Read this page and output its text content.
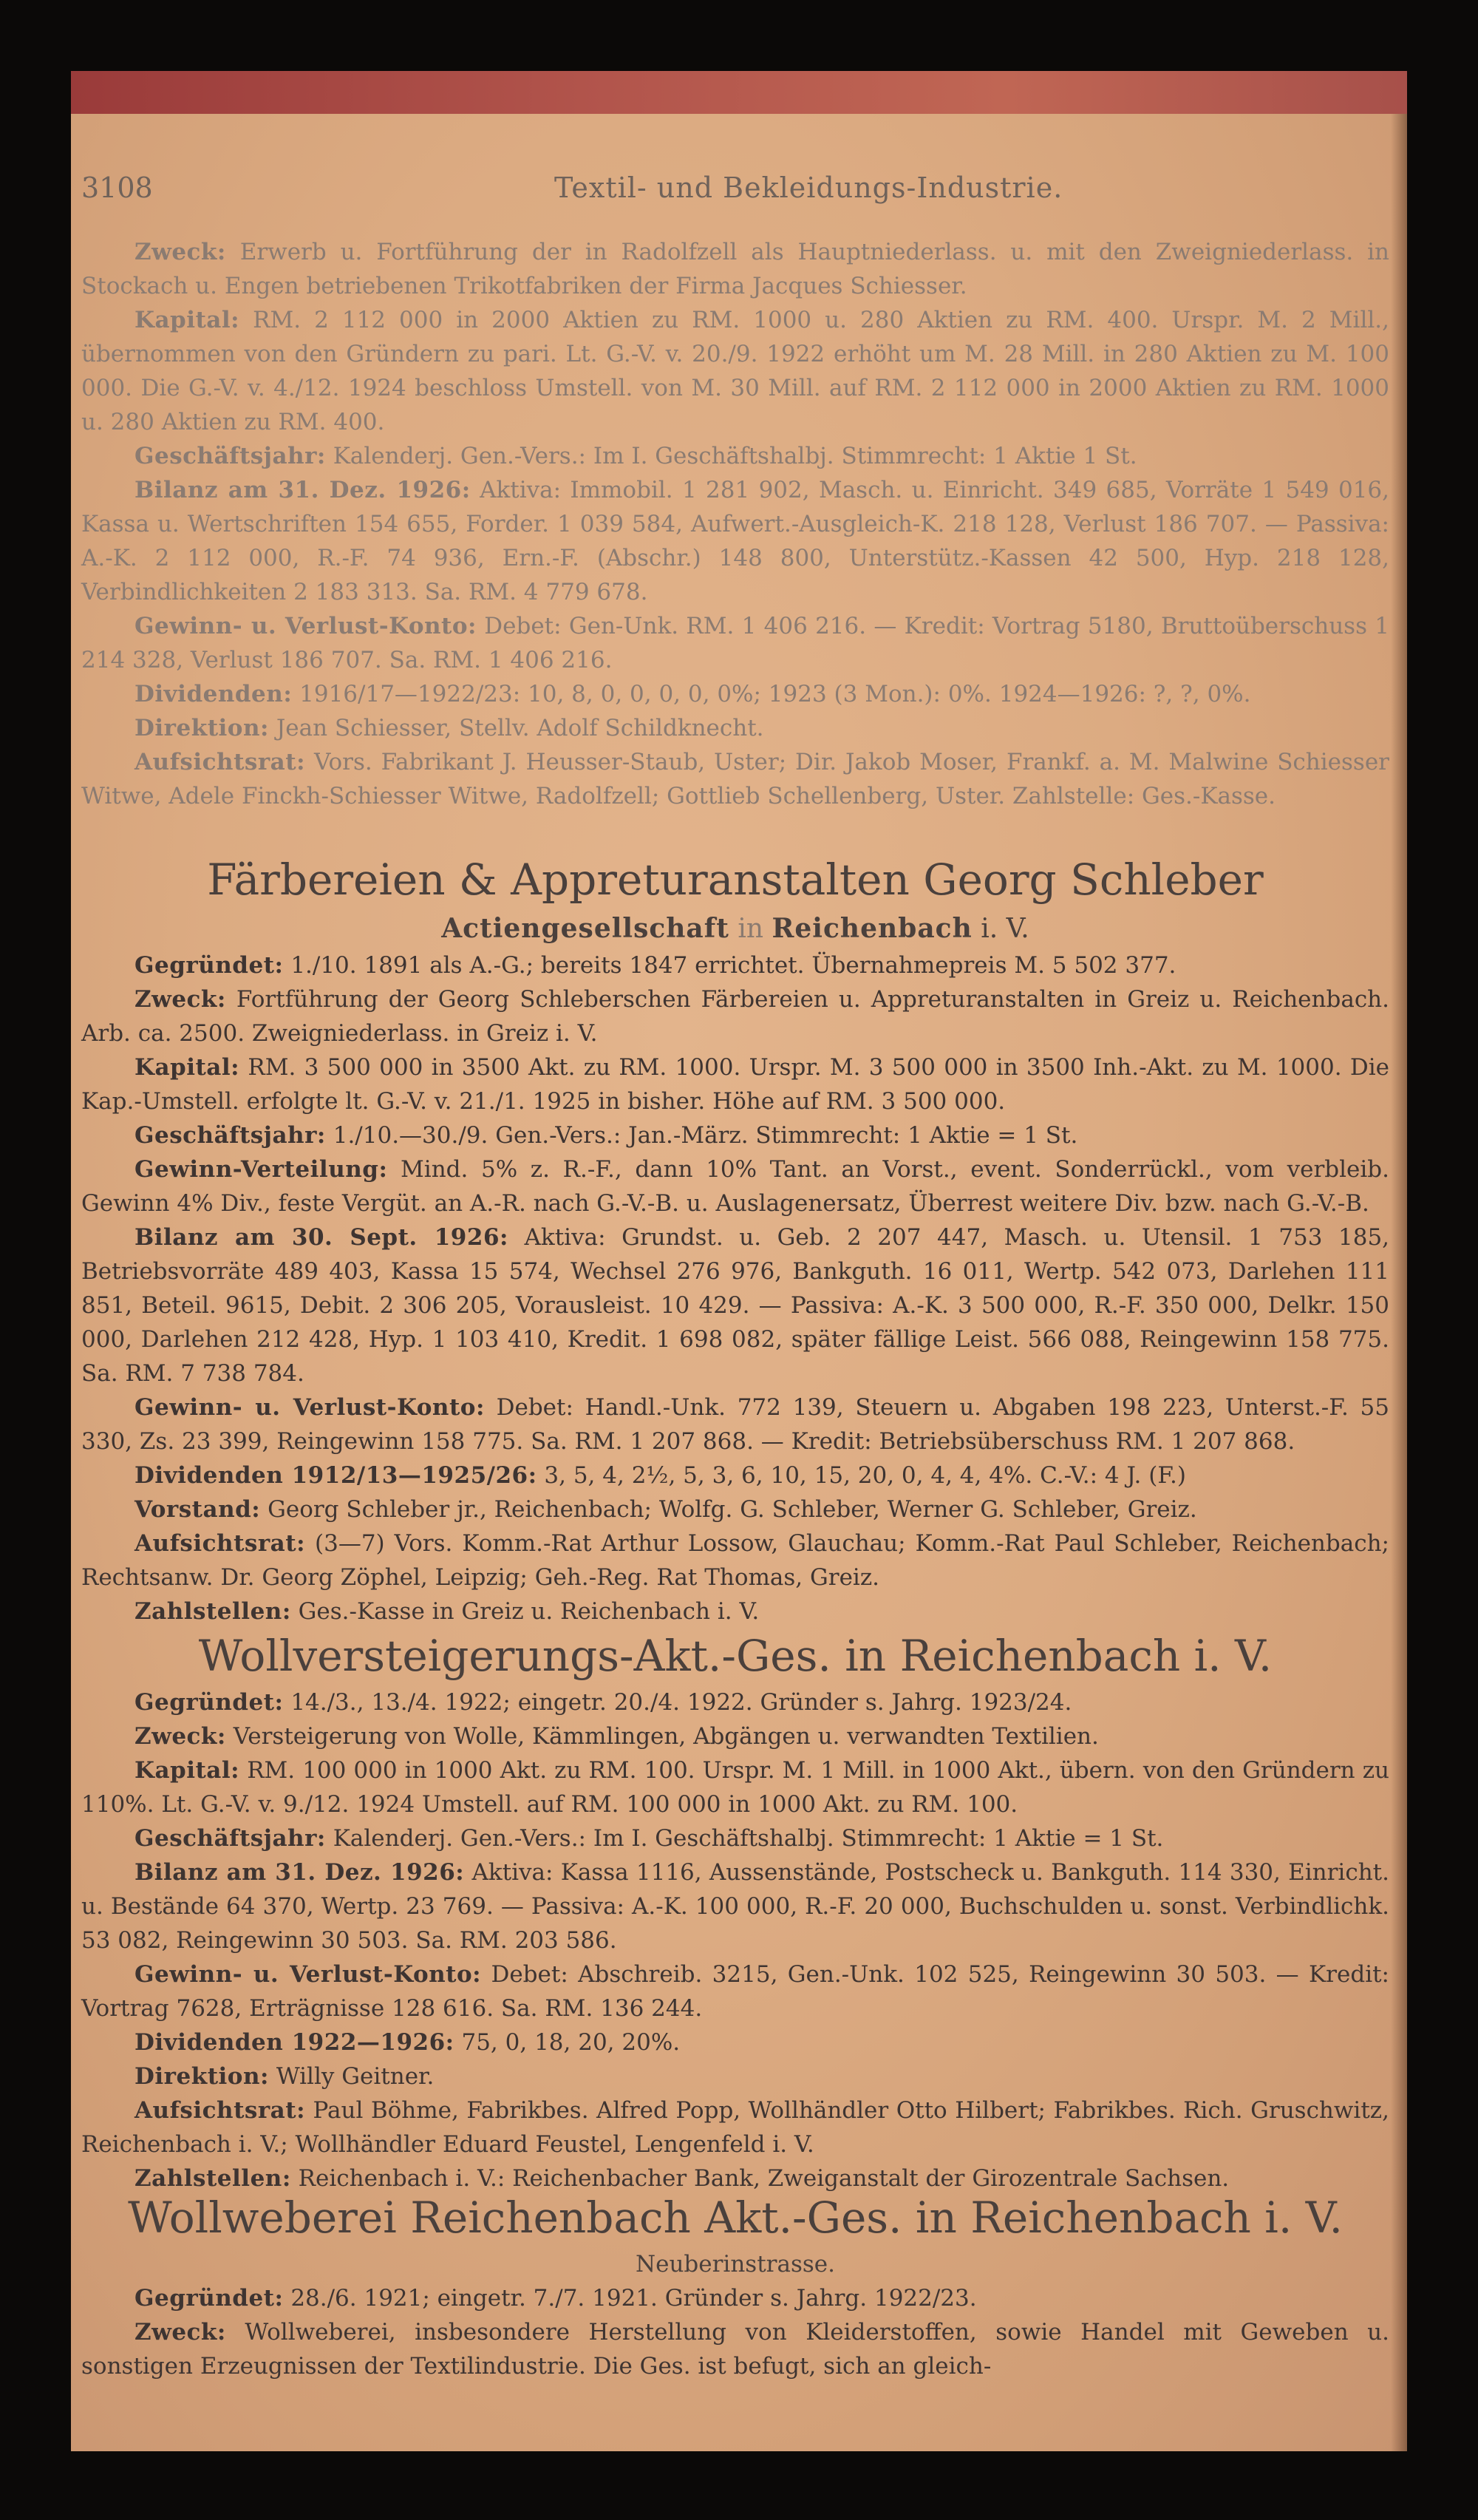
3108	Textil- und Bekleidungs-Industrie.

Zweck: Erwerb u. Fortführung der in Radolfzell als Hauptniederlass. u. mit den Zweigniederlass. in Stockach u. Engen betriebenen Trikotfabriken der Firma Jacques Schiesser.

Kapital: RM. 2 112 000 in 2000 Aktien zu RM. 1000 u. 280 Aktien zu RM. 400. Urspr. M. 2 Mill., übernommen von den Gründern zu pari. Lt. G.-V. v. 20./9. 1922 erhöht um M. 28 Mill. in 280 Aktien zu M. 100 000. Die G.-V. v. 4./12. 1924 beschloss Umstell. von M. 30 Mill. auf RM. 2 112 000 in 2000 Aktien zu RM. 1000 u. 280 Aktien zu RM. 400.

Geschäftsjahr: Kalenderj. Gen.-Vers.: Im I. Geschäftshalbj. Stimmrecht: 1 Aktie 1 St.

Bilanz am 31. Dez. 1926: Aktiva: Immobil. 1 281 902, Masch. u. Einricht. 349 685, Vorräte 1 549 016, Kassa u. Wertschriften 154 655, Forder. 1 039 584, Aufwert.-Ausgleich-K. 218 128, Verlust 186 707. — Passiva: A.-K. 2 112 000, R.-F. 74 936, Ern.-F. (Abschr.) 148 800, Unterstütz.-Kassen 42 500, Hyp. 218 128, Verbindlichkeiten 2 183 313. Sa. RM. 4 779 678.

Gewinn- u. Verlust-Konto: Debet: Gen-Unk. RM. 1 406 216. — Kredit: Vortrag 5180, Bruttoüberschuss 1 214 328, Verlust 186 707. Sa. RM. 1 406 216.

Dividenden: 1916/17—1922/23: 10, 8, 0, 0, 0, 0, 0%; 1923 (3 Mon.): 0%. 1924—1926: ?, ?, 0%.

Direktion: Jean Schiesser, Stellv. Adolf Schildknecht.

Aufsichtsrat: Vors. Fabrikant J. Heusser-Staub, Uster; Dir. Jakob Moser, Frankf. a. M. Malwine Schiesser Witwe, Adele Finckh-Schiesser Witwe, Radolfzell; Gottlieb Schellenberg, Uster. Zahlstelle: Ges.-Kasse.

Färbereien & Appreturanstalten Georg Schleber
Actiengesellschaft in Reichenbach i. V.

Gegründet: 1./10. 1891 als A.-G.; bereits 1847 errichtet. Übernahmepreis M. 5 502 377.

Zweck: Fortführung der Georg Schleberschen Färbereien u. Appreturanstalten in Greiz u. Reichenbach. Arb. ca. 2500. Zweigniederlass. in Greiz i. V.

Kapital: RM. 3 500 000 in 3500 Akt. zu RM. 1000. Urspr. M. 3 500 000 in 3500 Inh.-Akt. zu M. 1000. Die Kap.-Umstell. erfolgte lt. G.-V. v. 21./1. 1925 in bisher. Höhe auf RM. 3 500 000.

Geschäftsjahr: 1./10.—30./9. Gen.-Vers.: Jan.-März. Stimmrecht: 1 Aktie = 1 St.

Gewinn-Verteilung: Mind. 5% z. R.-F., dann 10% Tant. an Vorst., event. Sonderrückl., vom verbleib. Gewinn 4% Div., feste Vergüt. an A.-R. nach G.-V.-B. u. Auslagenersatz, Überrest weitere Div. bzw. nach G.-V.-B.

Bilanz am 30. Sept. 1926: Aktiva: Grundst. u. Geb. 2 207 447, Masch. u. Utensil. 1 753 185, Betriebsvorräte 489 403, Kassa 15 574, Wechsel 276 976, Bankguth. 16 011, Wertp. 542 073, Darlehen 111 851, Beteil. 9615, Debit. 2 306 205, Vorausleist. 10 429. — Passiva: A.-K. 3 500 000, R.-F. 350 000, Delkr. 150 000, Darlehen 212 428, Hyp. 1 103 410, Kredit. 1 698 082, später fällige Leist. 566 088, Reingewinn 158 775. Sa. RM. 7 738 784.

Gewinn- u. Verlust-Konto: Debet: Handl.-Unk. 772 139, Steuern u. Abgaben 198 223, Unterst.-F. 55 330, Zs. 23 399, Reingewinn 158 775. Sa. RM. 1 207 868. — Kredit: Betriebsüberschuss RM. 1 207 868.

Dividenden 1912/13—1925/26: 3, 5, 4, 2½, 5, 3, 6, 10, 15, 20, 0, 4, 4, 4%. C.-V.: 4 J. (F.)

Vorstand: Georg Schleber jr., Reichenbach; Wolfg. G. Schleber, Werner G. Schleber, Greiz.

Aufsichtsrat: (3—7) Vors. Komm.-Rat Arthur Lossow, Glauchau; Komm.-Rat Paul Schleber, Reichenbach; Rechtsanw. Dr. Georg Zöphel, Leipzig; Geh.-Reg. Rat Thomas, Greiz.

Zahlstellen: Ges.-Kasse in Greiz u. Reichenbach i. V.

Wollversteigerungs-Akt.-Ges. in Reichenbach i. V.

Gegründet: 14./3., 13./4. 1922; eingetr. 20./4. 1922. Gründer s. Jahrg. 1923/24.

Zweck: Versteigerung von Wolle, Kämmlingen, Abgängen u. verwandten Textilien.

Kapital: RM. 100 000 in 1000 Akt. zu RM. 100. Urspr. M. 1 Mill. in 1000 Akt., übern. von den Gründern zu 110%. Lt. G.-V. v. 9./12. 1924 Umstell. auf RM. 100 000 in 1000 Akt. zu RM. 100.

Geschäftsjahr: Kalenderj. Gen.-Vers.: Im I. Geschäftshalbj. Stimmrecht: 1 Aktie = 1 St.

Bilanz am 31. Dez. 1926: Aktiva: Kassa 1116, Aussenstände, Postscheck u. Bankguth. 114 330, Einricht. u. Bestände 64 370, Wertp. 23 769. — Passiva: A.-K. 100 000, R.-F. 20 000, Buchschulden u. sonst. Verbindlichk. 53 082, Reingewinn 30 503. Sa. RM. 203 586.

Gewinn- u. Verlust-Konto: Debet: Abschreib. 3215, Gen.-Unk. 102 525, Reingewinn 30 503. — Kredit: Vortrag 7628, Erträgnisse 128 616. Sa. RM. 136 244.

Dividenden 1922—1926: 75, 0, 18, 20, 20%.

Direktion: Willy Geitner.

Aufsichtsrat: Paul Böhme, Fabrikbes. Alfred Popp, Wollhändler Otto Hilbert; Fabrikbes. Rich. Gruschwitz, Reichenbach i. V.; Wollhändler Eduard Feustel, Lengenfeld i. V.

Zahlstellen: Reichenbach i. V.: Reichenbacher Bank, Zweiganstalt der Girozentrale Sachsen.

Wollweberei Reichenbach Akt.-Ges. in Reichenbach i. V.
Neuberinstrasse.

Gegründet: 28./6. 1921; eingetr. 7./7. 1921. Gründer s. Jahrg. 1922/23.

Zweck: Wollweberei, insbesondere Herstellung von Kleiderstoffen, sowie Handel mit Geweben u. sonstigen Erzeugnissen der Textilindustrie. Die Ges. ist befugt, sich an gleich-
